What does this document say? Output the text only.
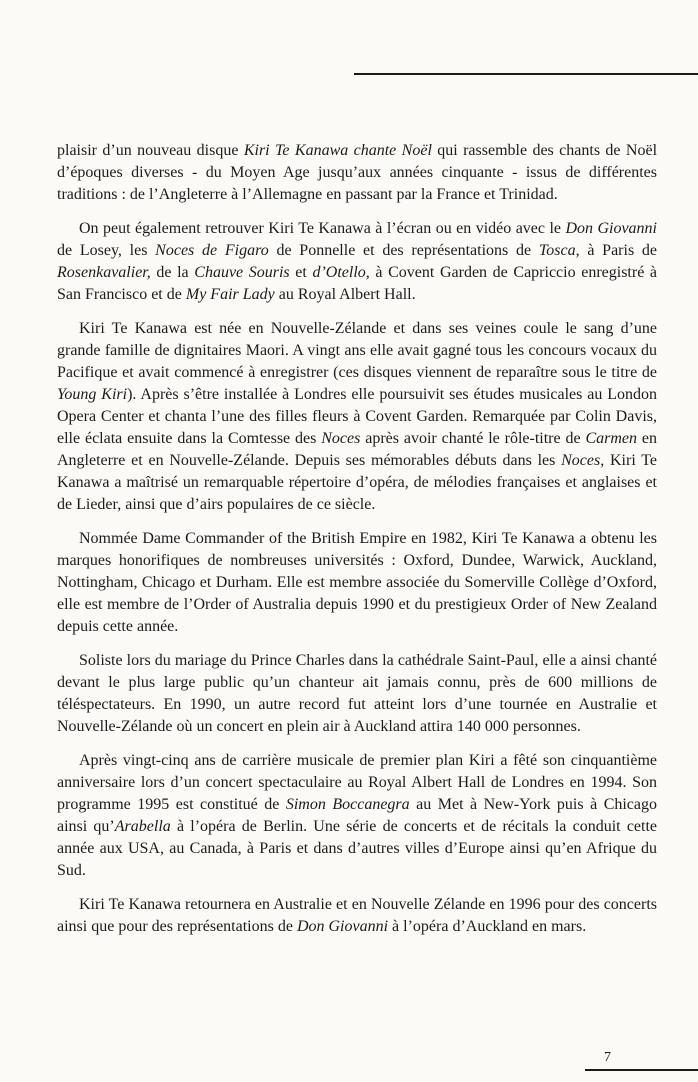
plaisir d’un nouveau disque Kiri Te Kanawa chante Noël qui rassemble des chants de Noël d’époques diverses - du Moyen Age jusqu’aux années cinquante - issus de différentes traditions : de l’Angleterre à l’Allemagne en passant par la France et Trinidad.

On peut également retrouver Kiri Te Kanawa à l’écran ou en vidéo avec le Don Giovanni de Losey, les Noces de Figaro de Ponnelle et des représentations de Tosca, à Paris de Rosenkavalier, de la Chauve Souris et d’Otello, à Covent Garden de Capriccio enregistré à San Francisco et de My Fair Lady au Royal Albert Hall.

Kiri Te Kanawa est née en Nouvelle-Zélande et dans ses veines coule le sang d’une grande famille de dignitaires Maori. A vingt ans elle avait gagné tous les concours vocaux du Pacifique et avait commencé à enregistrer (ces disques viennent de reparaître sous le titre de Young Kiri). Après s’être installée à Londres elle poursuivit ses études musicales au London Opera Center et chanta l’une des filles fleurs à Covent Garden. Remarquée par Colin Davis, elle éclata ensuite dans la Comtesse des Noces après avoir chanté le rôle-titre de Carmen en Angleterre et en Nouvelle-Zélande. Depuis ses mémorables débuts dans les Noces, Kiri Te Kanawa a maîtrisé un remarquable répertoire d’opéra, de mélodies françaises et anglaises et de Lieder, ainsi que d’airs populaires de ce siècle.

Nommée Dame Commander of the British Empire en 1982, Kiri Te Kanawa a obtenu les marques honorifiques de nombreuses universités : Oxford, Dundee, Warwick, Auckland, Nottingham, Chicago et Durham. Elle est membre associée du Somerville Collège d’Oxford, elle est membre de l’Order of Australia depuis 1990 et du prestigieux Order of New Zealand depuis cette année.

Soliste lors du mariage du Prince Charles dans la cathédrale Saint-Paul, elle a ainsi chanté devant le plus large public qu’un chanteur ait jamais connu, près de 600 millions de téléspectateurs. En 1990, un autre record fut atteint lors d’une tournée en Australie et Nouvelle-Zélande où un concert en plein air à Auckland attira 140 000 personnes.

Après vingt-cinq ans de carrière musicale de premier plan Kiri a fêté son cinquantième anniversaire lors d’un concert spectaculaire au Royal Albert Hall de Londres en 1994. Son programme 1995 est constitué de Simon Boccanegra au Met à New-York puis à Chicago ainsi qu’Arabella à l’opéra de Berlin. Une série de concerts et de récitals la conduit cette année aux USA, au Canada, à Paris et dans d’autres villes d’Europe ainsi qu’en Afrique du Sud.

Kiri Te Kanawa retournera en Australie et en Nouvelle Zélande en 1996 pour des concerts ainsi que pour des représentations de Don Giovanni à l’opéra d’Auckland en mars.

7
